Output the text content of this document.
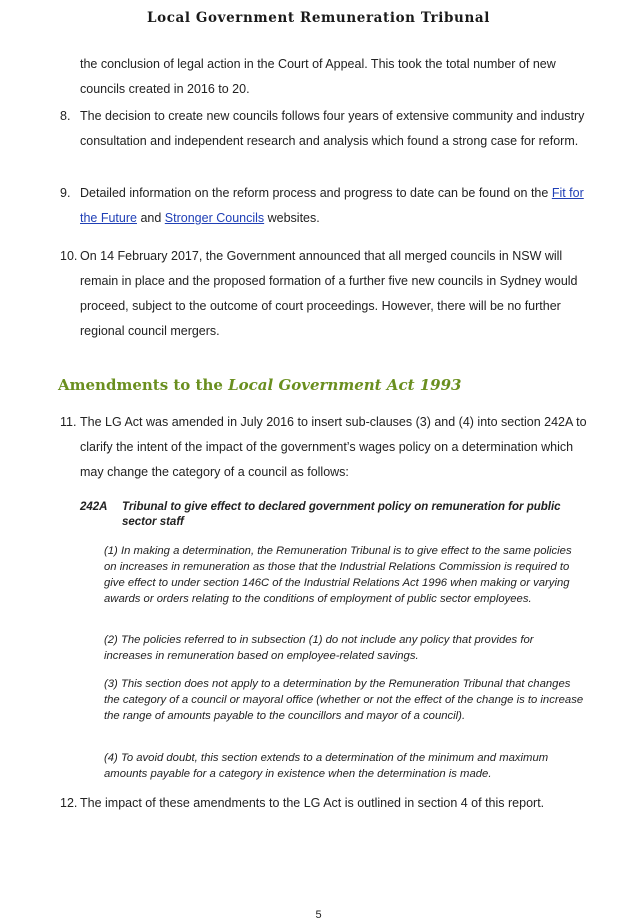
Local Government Remuneration Tribunal
the conclusion of legal action in the Court of Appeal. This took the total number of new
councils created in 2016 to 20.
8. The decision to create new councils follows four years of extensive community and industry consultation and independent research and analysis which found a strong case for reform.
9. Detailed information on the reform process and progress to date can be found on the Fit for the Future and Stronger Councils websites.
10. On 14 February 2017, the Government announced that all merged councils in NSW will remain in place and the proposed formation of a further five new councils in Sydney would proceed, subject to the outcome of court proceedings. However, there will be no further regional council mergers.
Amendments to the Local Government Act 1993
11. The LG Act was amended in July 2016 to insert sub-clauses (3) and (4) into section 242A to clarify the intent of the impact of the government’s wages policy on a determination which may change the category of a council as follows:
242A	Tribunal to give effect to declared government policy on remuneration for public sector staff
(1) In making a determination, the Remuneration Tribunal is to give effect to the same policies on increases in remuneration as those that the Industrial Relations Commission is required to give effect to under section 146C of the Industrial Relations Act 1996 when making or varying awards or orders relating to the conditions of employment of public sector employees.
(2) The policies referred to in subsection (1) do not include any policy that provides for increases in remuneration based on employee-related savings.
(3) This section does not apply to a determination by the Remuneration Tribunal that changes the category of a council or mayoral office (whether or not the effect of the change is to increase the range of amounts payable to the councillors and mayor of a council).
(4) To avoid doubt, this section extends to a determination of the minimum and maximum amounts payable for a category in existence when the determination is made.
12. The impact of these amendments to the LG Act is outlined in section 4 of this report.
5
